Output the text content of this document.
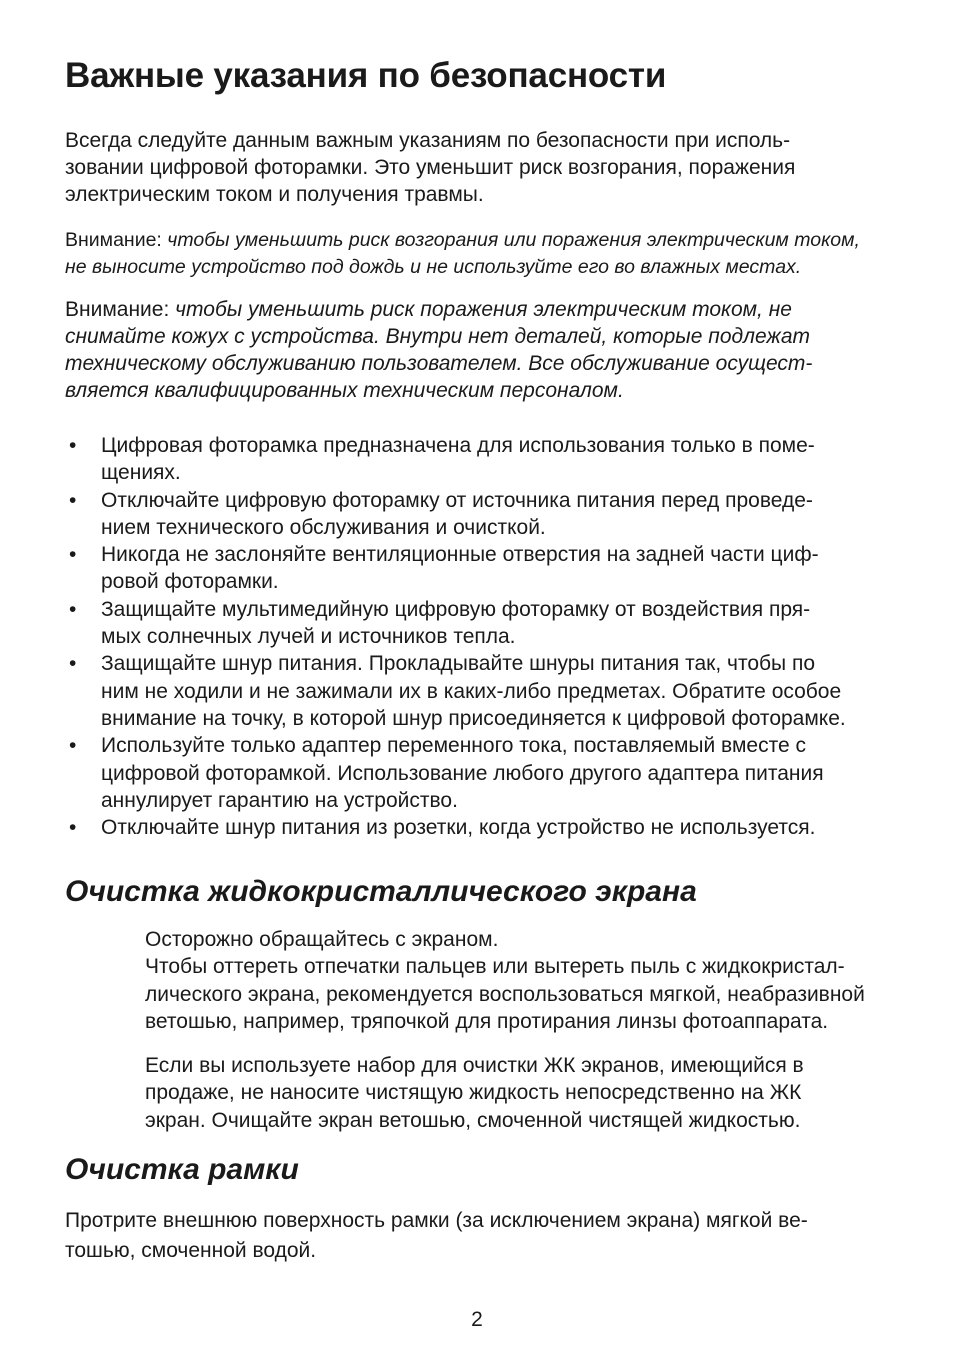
Важные указания по безопасности

Всегда следуйте данным важным указаниям по безопасности при исполь-
зовании цифровой фоторамки. Это уменьшит риск возгорания, поражения
электрическим током и получения травмы.

Внимание: чтобы уменьшить риск возгорания или поражения электрическим током,
не выносите устройство под дождь и не используйте его во влажных местах.

Внимание: чтобы уменьшить риск поражения электрическим током, не
снимайте кожух с устройства. Внутри нет деталей, которые подлежат
техническому обслуживанию пользователем. Все обслуживание осущест-
вляется квалифицированных техническим персоналом.

• Цифровая фоторамка предназначена для использования только в поме-
щениях.
• Отключайте цифровую фоторамку от источника питания перед проведе-
нием технического обслуживания и очисткой.
• Никогда не заслоняйте вентиляционные отверстия на задней части циф-
ровой фоторамки.
• Защищайте мультимедийную цифровую фоторамку от воздействия пря-
мых солнечных лучей и источников тепла.
• Защищайте шнур питания. Прокладывайте шнуры питания так, чтобы по
ним не ходили и не зажимали их в каких-либо предметах. Обратите особое
внимание на точку, в которой шнур присоединяется к цифровой фоторамке.
• Используйте только адаптер переменного тока, поставляемый вместе с
цифровой фоторамкой. Использование любого другого адаптера питания
аннулирует гарантию на устройство.
• Отключайте шнур питания из розетки, когда устройство не используется.
Очистка жидкокристаллического экрана

Осторожно обращайтесь с экраном.
Чтобы оттереть отпечатки пальцев или вытереть пыль с жидкокристал-
лического экрана, рекомендуется воспользоваться мягкой, неабразивной
ветошью, например, тряпочкой для протирания линзы фотоаппарата.

Если вы используете набор для очистки ЖК экранов, имеющийся в
продаже, не наносите чистящую жидкость непосредственно на ЖК
экран. Очищайте экран ветошью, смоченной чистящей жидкостью.

Очистка рамки

Протрите внешнюю поверхность рамки (за исключением экрана) мягкой ве-
тошью, смоченной водой.

2
